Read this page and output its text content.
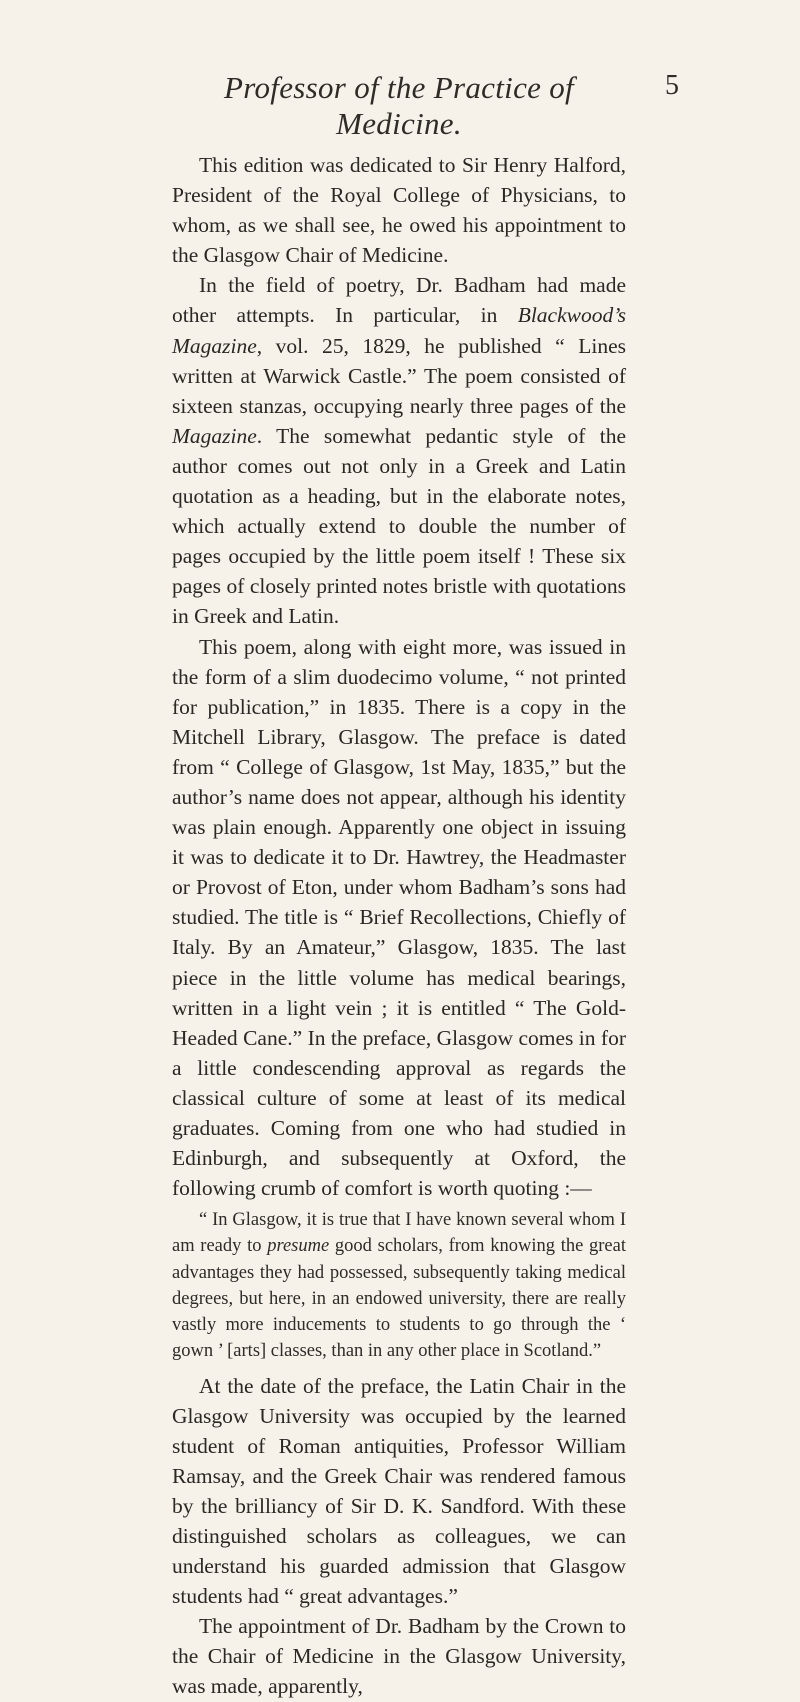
Professor of the Practice of Medicine.
5

This edition was dedicated to Sir Henry Halford, President of the Royal College of Physicians, to whom, as we shall see, he owed his appointment to the Glasgow Chair of Medicine.

In the field of poetry, Dr. Badham had made other attempts. In particular, in Blackwood’s Magazine, vol. 25, 1829, he published “ Lines written at Warwick Castle.” The poem consisted of sixteen stanzas, occupying nearly three pages of the Magazine. The somewhat pedantic style of the author comes out not only in a Greek and Latin quotation as a heading, but in the elaborate notes, which actually extend to double the number of pages occupied by the little poem itself ! These six pages of closely printed notes bristle with quotations in Greek and Latin.

This poem, along with eight more, was issued in the form of a slim duodecimo volume, “ not printed for publication,” in 1835. There is a copy in the Mitchell Library, Glasgow. The preface is dated from “ College of Glasgow, 1st May, 1835,” but the author’s name does not appear, although his identity was plain enough. Apparently one object in issuing it was to dedicate it to Dr. Hawtrey, the Headmaster or Provost of Eton, under whom Badham’s sons had studied. The title is “ Brief Recollections, Chiefly of Italy. By an Amateur,” Glasgow, 1835. The last piece in the little volume has medical bearings, written in a light vein ; it is entitled “ The Gold-Headed Cane.” In the preface, Glasgow comes in for a little condescending approval as regards the classical culture of some at least of its medical graduates. Coming from one who had studied in Edinburgh, and subsequently at Oxford, the following crumb of comfort is worth quoting :—

“ In Glasgow, it is true that I have known several whom I am ready to presume good scholars, from knowing the great advantages they had possessed, subsequently taking medical degrees, but here, in an endowed university, there are really vastly more inducements to students to go through the ‘ gown ’ [arts] classes, than in any other place in Scotland.”

At the date of the preface, the Latin Chair in the Glasgow University was occupied by the learned student of Roman antiquities, Professor William Ramsay, and the Greek Chair was rendered famous by the brilliancy of Sir D. K. Sandford. With these distinguished scholars as colleagues, we can understand his guarded admission that Glasgow students had “ great advantages.”

The appointment of Dr. Badham by the Crown to the Chair of Medicine in the Glasgow University, was made, apparently,
